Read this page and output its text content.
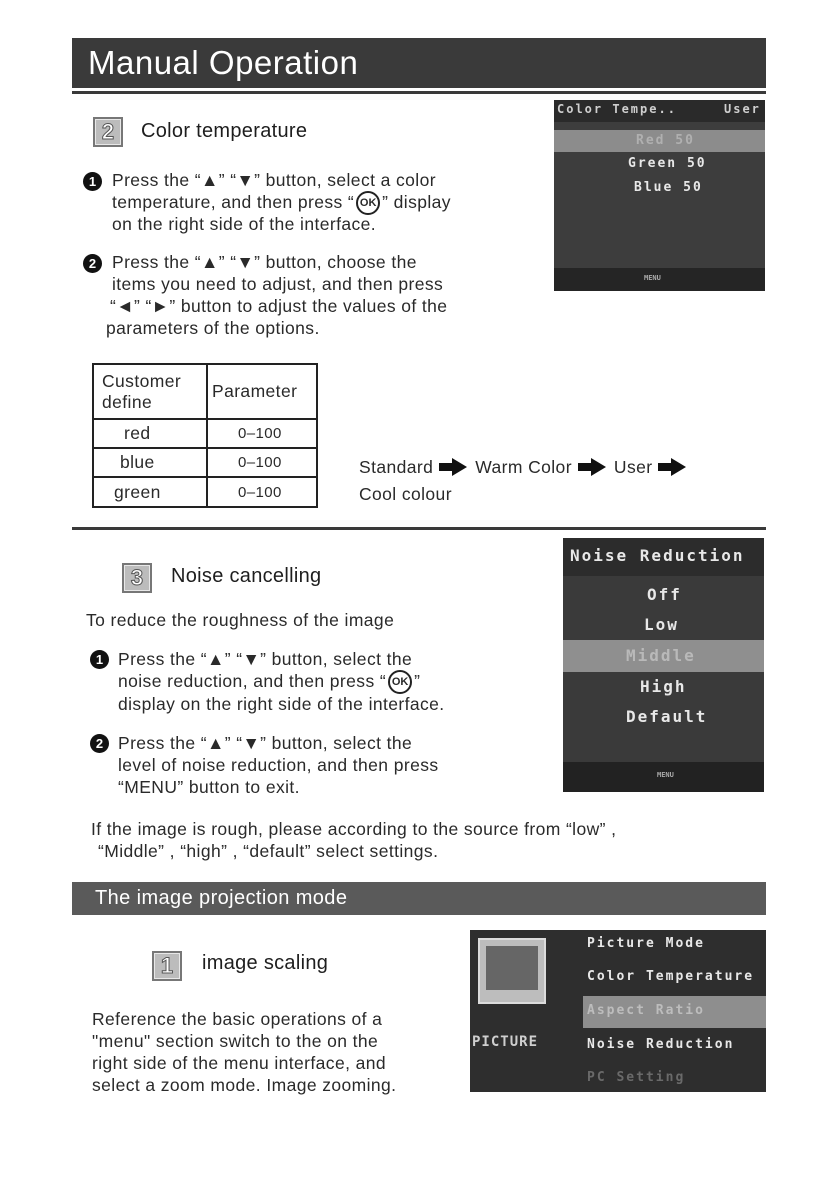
Manual Operation
2	Color temperature
1 Press the “▲” “▼” button, select a color
temperature, and then press “ OK ” display
on the right side of the interface.
2 Press the “▲” “▼” button, choose the
items you need to adjust, and then press
“◄” “►” button to adjust the values of the
parameters of the options.
Color Tempe..	User
Red 50
Green 50
Blue 50
MENU
Customer
define	Parameter
red	0–100
blue	0–100
green	0–100
Standard Warm Color User
Cool colour
3	Noise cancelling
To reduce the roughness of the image
1 Press the “▲” “▼” button, select the
noise reduction, and then press “ OK ”
display on the right side of the interface.
2 Press the “▲” “▼” button, select the
level of noise reduction, and then press
“MENU” button to exit.
Noise Reduction
Off
Low
Middle
High
Default
MENU
If the image is rough, please according to the source from “low” ,
“Middle” , “high” , “default” select settings.
The image projection mode
1	image scaling
Reference the basic operations of a
"menu" section switch to the on the
right side of the menu interface, and
select a zoom mode. Image zooming.
PICTURE
Picture Mode
Color Temperature
Aspect Ratio
Noise Reduction
PC Setting
